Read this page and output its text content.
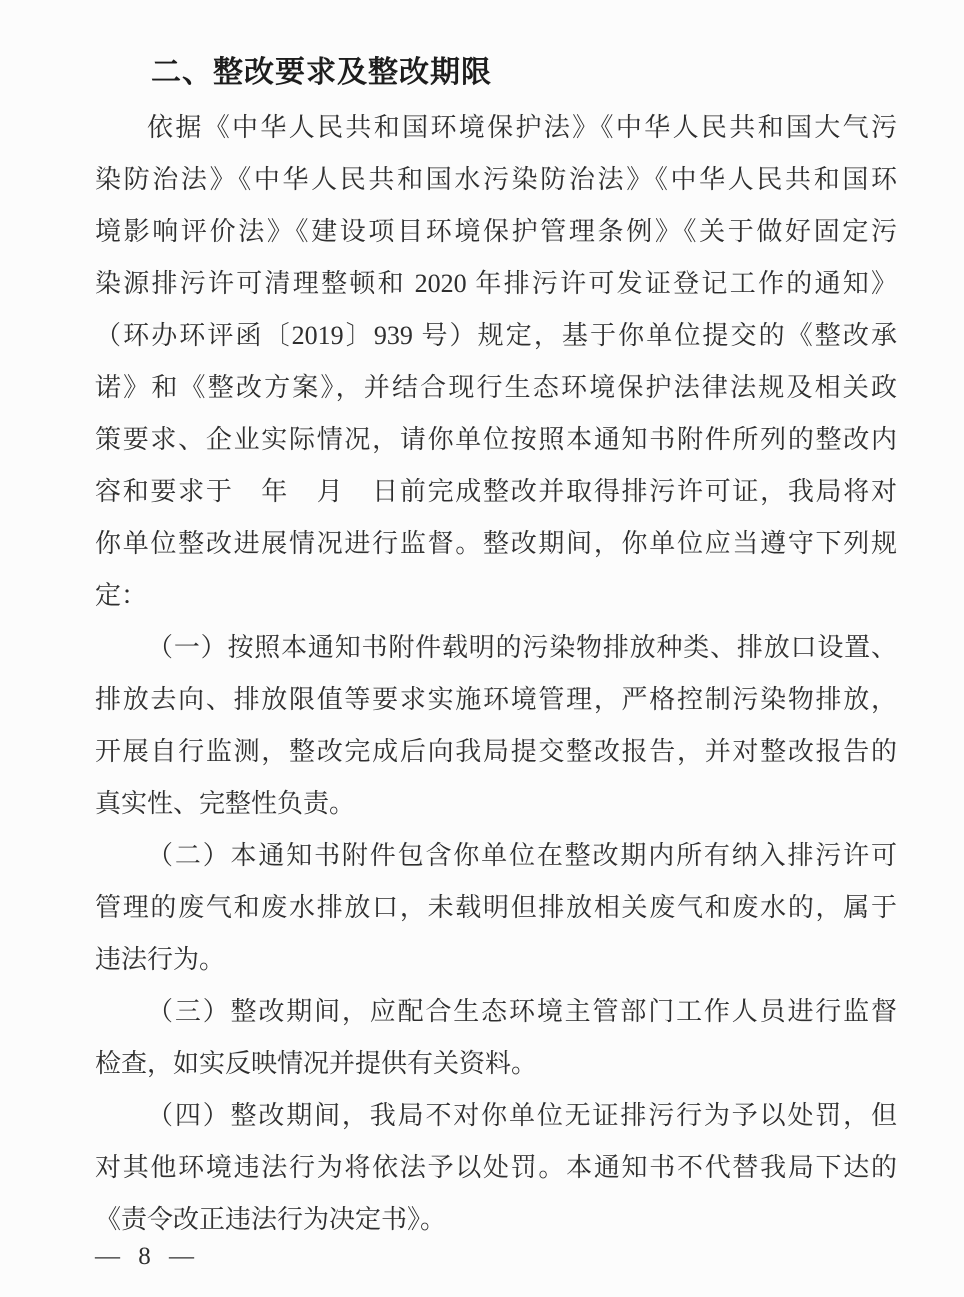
二、整改要求及整改期限
依据《中华人民共和国环境保护法》《中华人民共和国大气污
染防治法》《中华人民共和国水污染防治法》《中华人民共和国环
境影响评价法》《建设项目环境保护管理条例》《关于做好固定污
染源排污许可清理整顿和 2020 年排污许可发证登记工作的通知》
（环办环评函〔2019〕939 号）规定，基于你单位提交的《整改承
诺》和《整改方案》，并结合现行生态环境保护法律法规及相关政
策要求、企业实际情况，请你单位按照本通知书附件所列的整改内
容和要求于　年　月　日前完成整改并取得排污许可证，我局将对
你单位整改进展情况进行监督。整改期间，你单位应当遵守下列规
定：
（一）按照本通知书附件载明的污染物排放种类、排放口设置、
排放去向、排放限值等要求实施环境管理，严格控制污染物排放，
开展自行监测，整改完成后向我局提交整改报告，并对整改报告的
真实性、完整性负责。
（二）本通知书附件包含你单位在整改期内所有纳入排污许可
管理的废气和废水排放口，未载明但排放相关废气和废水的，属于
违法行为。
（三）整改期间，应配合生态环境主管部门工作人员进行监督
检查，如实反映情况并提供有关资料。
（四）整改期间，我局不对你单位无证排污行为予以处罚，但
对其他环境违法行为将依法予以处罚。本通知书不代替我局下达的
《责令改正违法行为决定书》。
— 8 —
